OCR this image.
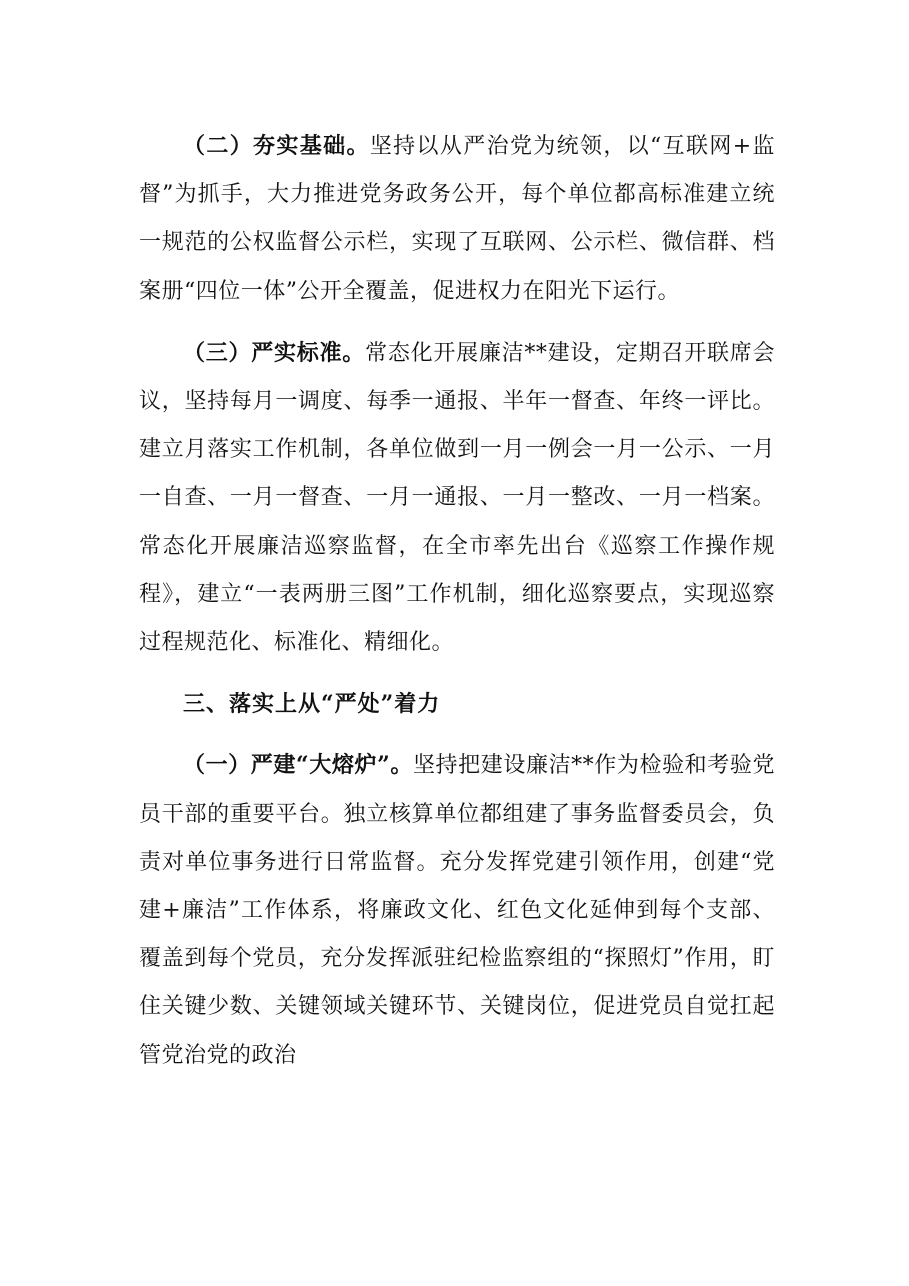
（二）夯实基础。坚持以从严治党为统领，以“互联网+监督”为抓手，大力推进党务政务公开，每个单位都高标准建立统一规范的公权监督公示栏，实现了互联网、公示栏、微信群、档案册“四位一体”公开全覆盖，促进权力在阳光下运行。

（三）严实标准。常态化开展廉洁**建设，定期召开联席会议，坚持每月一调度、每季一通报、半年一督查、年终一评比。建立月落实工作机制，各单位做到一月一例会一月一公示、一月一自查、一月一督查、一月一通报、一月一整改、一月一档案。常态化开展廉洁巡察监督，在全市率先出台《巡察工作操作规程》，建立“一表两册三图”工作机制，细化巡察要点，实现巡察过程规范化、标准化、精细化。

三、落实上从“严处”着力

（一）严建“大熔炉”。坚持把建设廉洁**作为检验和考验党员干部的重要平台。独立核算单位都组建了事务监督委员会，负责对单位事务进行日常监督。充分发挥党建引领作用，创建“党建+廉洁”工作体系，将廉政文化、红色文化延伸到每个支部、覆盖到每个党员，充分发挥派驻纪检监察组的“探照灯”作用，盯住关键少数、关键领域关键环节、关键岗位，促进党员自觉扛起管党治党的政治
